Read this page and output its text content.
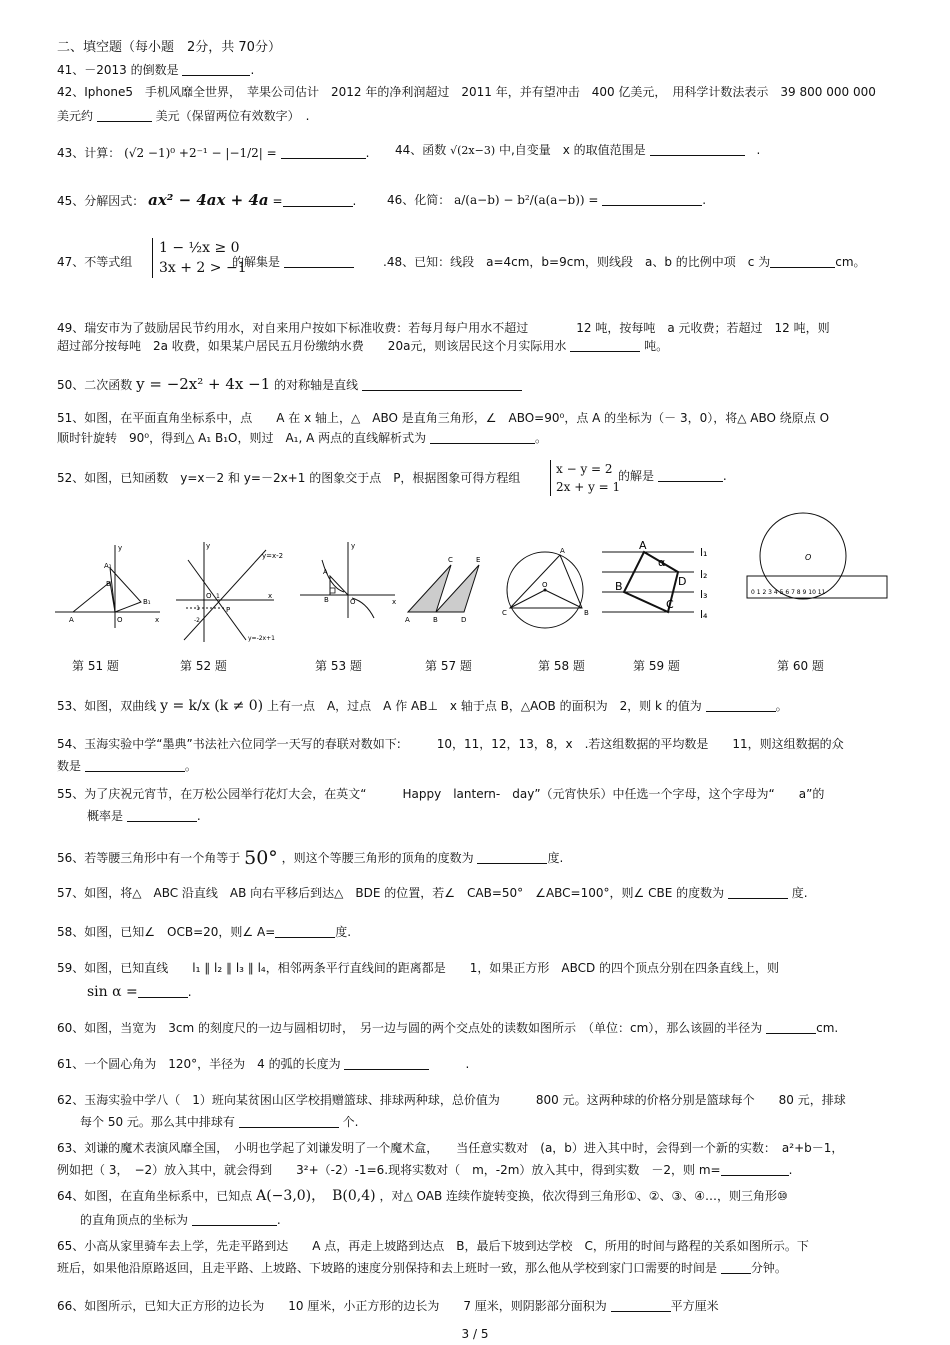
二、填空题（每小题　2分，共 70分）
41、－2013 的倒数是	.
42、Iphone5　手机风靡全世界，　苹果公司估计　2012 年的净利润超过　2011 年，并有望冲击　400 亿美元，　用科学计数法表示　39 800 000 000
美元约	美元（保留两位有效数字）　.
43、计算： (√2 −1)⁰ +2⁻¹ − |−1/2| =	. 44、函数 √(2x−3) 中,自变量　x 的取值范围是	　.
45、分解因式： ax² − 4ax + 4a =	.	46、化简： a/(a−b) − b²/(a(a−b)) =	.
47、不等式组
1 − ½x ≥ 0
3x + 2 > −1
的解集是	.48、已知：线段　a=4cm，b=9cm，则线段　a、b 的比例中项　c 为	cm。
49、瑞安市为了鼓励居民节约用水，对自来用户按如下标准收费：若每月每户用水不超过　　　　12 吨，按每吨　a 元收费；若超过　12 吨，则
超过部分按每吨　2a 收费，如果某户居民五月份缴纳水费　　20a元，则该居民这个月实际用水	吨。
50、二次函数 y = −2x² + 4x −1 的对称轴是直线
51、如图，在平面直角坐标系中，点　　A 在 x 轴上，△　ABO 是直角三角形，∠　ABO=90⁰，点 A 的坐标为（－ 3，0），将△ ABO 绕原点 O
顺时针旋转　90⁰，得到△ A₁ B₁O，则过　A₁, A 两点的直线解析式为	。
52、如图，已知函数　y=x－2 和 y=－2x+1 的图象交于点　P，根据图象可得方程组
x − y = 2
2x + y = 1
的解是	.
A₁
B
B₁
A	O	x
y
y=x-2
y=-2x+1
P
O	x
y
-1
-2
1
A
B	O	x
y
A	B	D
C	E
A
O
B
C
A
α
l₁
l₂
l₃
l₄
B	D
C
O
0 1 2 3 4 5 6 7 8 9 10 11
第 51 题	第 52 题	第 53 题	第 57 题	第 58 题	第 59 题	第 60 题
53、如图，双曲线 y = k/x (k ≠ 0) 上有一点　A，过点　A 作 AB⊥　x 轴于点 B，△AOB 的面积为　2，则 k 的值为	。
54、玉海实验中学“墨典”书法社六位同学一天写的春联对数如下:　　　10，11，12，13，8，x　.若这组数据的平均数是　　11，则这组数据的众
数是	。
55、为了庆祝元宵节，在万松公园举行花灯大会，在英文“　　　Happy　lantern-　day”（元宵快乐）中任选一个字母，这个字母为“　　a”的
概率是	.
56、若等腰三角形中有一个角等于 50° ，则这个等腰三角形的顶角的度数为	度.
57、如图，将△　ABC 沿直线　AB 向右平移后到达△　BDE 的位置，若∠　CAB=50°　∠ABC=100°，则∠ CBE 的度数为	度.
58、如图，已知∠　OCB=20，则∠ A=	度.
59、如图，已知直线　　l₁ ∥ l₂ ∥ l₃ ∥ l₄，相邻两条平行直线间的距离都是　　1，如果正方形　ABCD 的四个顶点分别在四条直线上，则
sin α =	.
60、如图，当宽为　3cm 的刻度尺的一边与圆相切时，　另一边与圆的两个交点处的读数如图所示　（单位：cm），那么该圆的半径为	cm.
61、一个圆心角为　120°，半径为　4 的弧的长度为	　　　.
62、玉海实验中学八（　1）班向某贫困山区学校捐赠篮球、排球两种球，总价值为　　　800 元。这两种球的价格分别是篮球每个　　80 元，排球
每个 50 元。那么其中排球有	个.
63、刘谦的魔术表演风靡全国，　小明也学起了刘谦发明了一个魔术盒，　　当任意实数对　(a，b）进入其中时，会得到一个新的实数：　a²+b－1，
例如把（ 3，　−2）放入其中，就会得到　　3²+（-2）-1=6.现将实数对（　m，-2m）放入其中，得到实数　－2，则 m=	.
64、如图，在直角坐标系中，已知点 A(−3,0)，　B(0,4) ，对△ OAB 连续作旋转变换，依次得到三角形①、②、③、④…，则三角形⑩
的直角顶点的坐标为	.
65、小高从家里骑车去上学，先走平路到达　　A 点，再走上坡路到达点　B，最后下坡到达学校　C，所用的时间与路程的关系如图所示。下
班后，如果他沿原路返回，且走平路、上坡路、下坡路的速度分别保持和去上班时一致，那么他从学校到家门口需要的时间是	分钟。
66、如图所示，已知大正方形的边长为　　10 厘米，小正方形的边长为　　7 厘米，则阴影部分面积为	平方厘米
3 / 5
